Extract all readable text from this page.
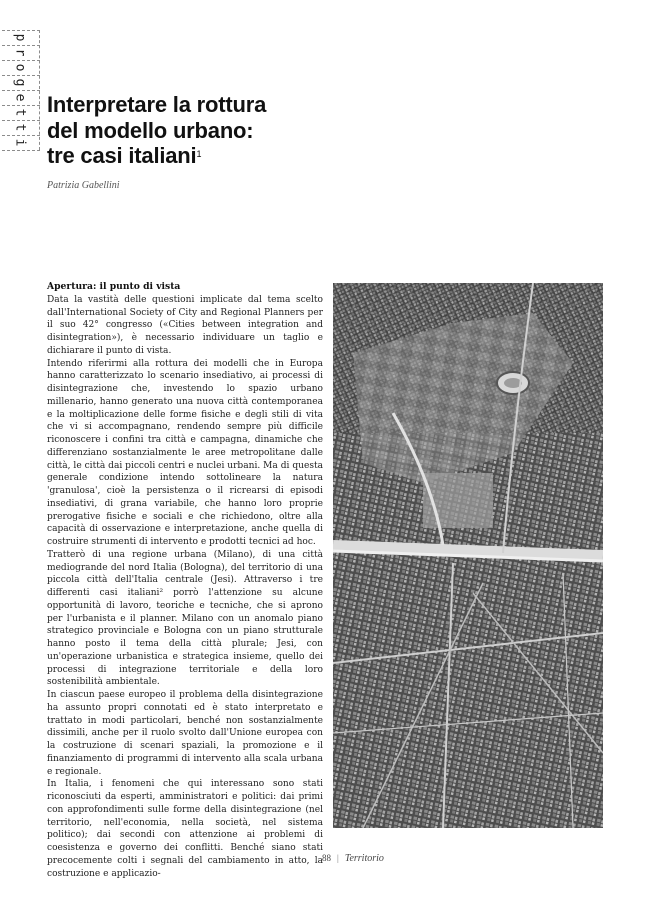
p
r
o
g
e
t
t
i
Interpretare la rottura
del modello urbano:
tre casi italiani$^1$
Patrizia Gabellini
Apertura: il punto di vista

Data la vastità delle questioni implicate dal tema scelto dall'International Society of City and Regional Planners per il suo 42° congresso («Cities between integration and disintegration»), è necessario individuare un taglio e dichiarare il punto di vista.

Intendo riferirmi alla rottura dei modelli che in Europa hanno caratterizzato lo scenario insediativo, ai processi di disintegrazione che, investendo lo spazio urbano millenario, hanno generato una nuova città contemporanea e la moltiplicazione delle forme fisiche e degli stili di vita che vi si accompagnano, rendendo sempre più difficile riconoscere i confini tra città e campagna, dinamiche che differenziano sostanzialmente le aree metropolitane dalle città, le città dai piccoli centri e nuclei urbani. Ma di questa generale condizione intendo sottolineare la natura 'granulosa', cioè la persistenza o il ricrearsi di episodi insediativi, di grana variabile, che hanno loro proprie prerogative fisiche e sociali e che richiedono, oltre alla capacità di osservazione e interpretazione, anche quella di costruire strumenti di intervento e prodotti tecnici ad hoc.

Tratterò di una regione urbana (Milano), di una città mediogrande del nord Italia (Bologna), del territorio di una piccola città dell'Italia centrale (Jesi). Attraverso i tre differenti casi italiani² porrò l'attenzione su alcune opportunità di lavoro, teoriche e tecniche, che si aprono per l'urbanista e il planner. Milano con un anomalo piano strategico provinciale e Bologna con un piano strutturale hanno posto il tema della città plurale; Jesi, con un'operazione urbanistica e strategica insieme, quello dei processi di integrazione territoriale e della loro sostenibilità ambientale.

In ciascun paese europeo il problema della disintegrazione ha assunto propri connotati ed è stato interpretato e trattato in modi particolari, benché non sostanzialmente dissimili, anche per il ruolo svolto dall'Unione europea con la costruzione di scenari spaziali, la promozione e il finanziamento di programmi di intervento alla scala urbana e regionale.

In Italia, i fenomeni che qui interessano sono stati riconosciuti da esperti, amministratori e politici: dai primi con approfondimenti sulle forme della disintegrazione (nel territorio, nell'economia, nella società, nel sistema politico); dai secondi con attenzione ai problemi di coesistenza e governo dei conflitti. Benché siano stati precocemente colti i segnali del cambiamento in atto, la costruzione e applicazio-

88 | Territorio
